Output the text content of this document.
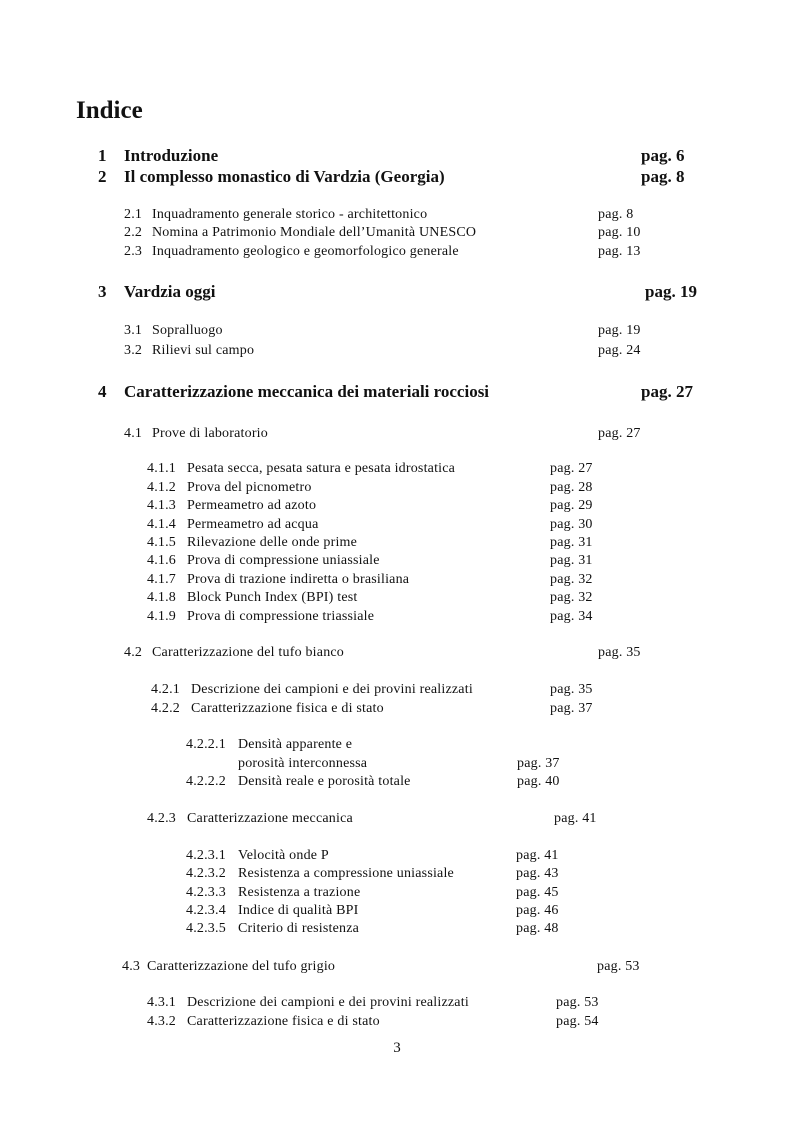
Indice
1 Introduzione	pag. 6
2 Il complesso monastico di Vardzia (Georgia)	pag. 8
2.1 Inquadramento generale storico - architettonico	pag. 8
2.2 Nomina a Patrimonio Mondiale dell’Umanità UNESCO	pag. 10
2.3 Inquadramento geologico e geomorfologico generale	pag. 13
3 Vardzia oggi	pag. 19
3.1 Sopralluogo	pag. 19
3.2 Rilievi sul campo	pag. 24
4 Caratterizzazione meccanica dei materiali rocciosi	pag. 27
4.1 Prove di laboratorio	pag. 27
4.1.1 Pesata secca, pesata satura e pesata idrostatica	pag. 27
4.1.2 Prova del picnometro	pag. 28
4.1.3 Permeametro ad azoto	pag. 29
4.1.4 Permeametro ad acqua	pag. 30
4.1.5 Rilevazione delle onde prime	pag. 31
4.1.6 Prova di compressione uniassiale	pag. 31
4.1.7 Prova di trazione indiretta o brasiliana	pag. 32
4.1.8 Block Punch Index (BPI) test	pag. 32
4.1.9 Prova di compressione triassiale	pag. 34
4.2 Caratterizzazione del tufo bianco	pag. 35
4.2.1 Descrizione dei campioni e dei provini realizzati	pag. 35
4.2.2 Caratterizzazione fisica e di stato	pag. 37
4.2.2.1 Densità apparente e
porosità interconnessa	pag. 37
4.2.2.2 Densità reale e porosità totale	pag. 40
4.2.3 Caratterizzazione meccanica	pag. 41
4.2.3.1 Velocità onde P	pag. 41
4.2.3.2 Resistenza a compressione uniassiale	pag. 43
4.2.3.3 Resistenza a trazione	pag. 45
4.2.3.4 Indice di qualità BPI	pag. 46
4.2.3.5 Criterio di resistenza	pag. 48
4.3 Caratterizzazione del tufo grigio	pag. 53
4.3.1 Descrizione dei campioni e dei provini realizzati	pag. 53
4.3.2 Caratterizzazione fisica e di stato	pag. 54
3
